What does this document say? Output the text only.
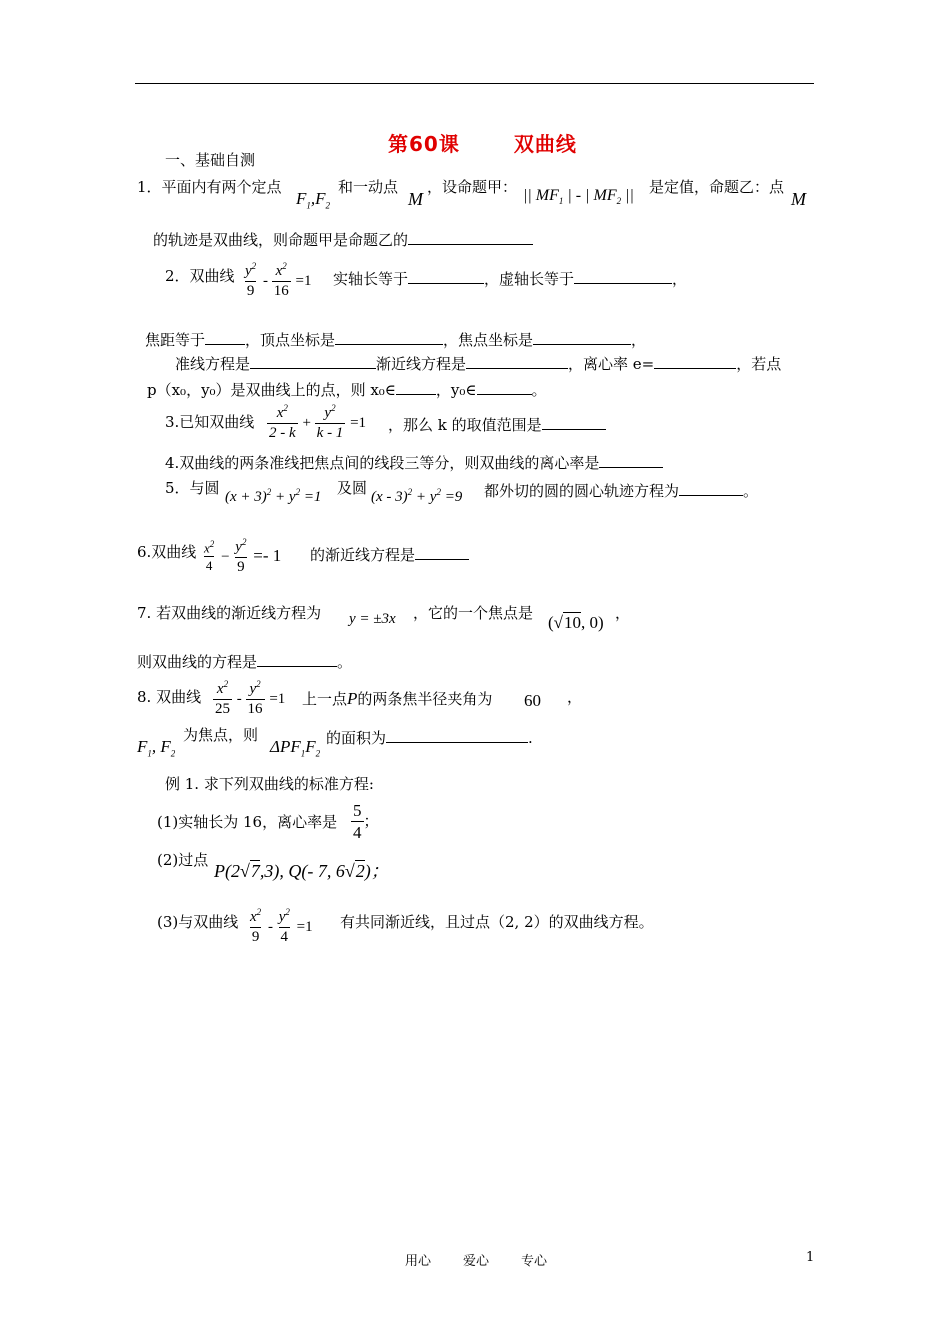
第60课	双曲线
一、基础自测
1．平面内有两个定点
$F_1,F_2$
和一动点
M
，设命题甲： || $MF_1$ | - | $MF_2$ || 是定值，命题乙：点
M
的轨迹是双曲线，则命题甲是命题乙的
2．双曲线 $\frac{y^2}{9} - \frac{x^2}{16} =1$ 实轴长等于	，虚轴长等于	，
焦距等于	，顶点坐标是	，焦点坐标是	，
准线方程是	渐近线方程是	，离心率 e=	，若点
p（x₀，y₀）是双曲线上的点，则 x₀∈	，y₀∈	。
3.已知双曲线 $\frac{x^2}{2 - k} + \frac{y^2}{k - 1} =1$ ，那么 k 的取值范围是
4.双曲线的两条准线把焦点间的线段三等分，则双曲线的离心率是
5．与圆 $(x + 3)^2 + y^2 =1$ 及圆 $(x - 3)^2 + y^2 =9$ 都外切的圆的圆心轨迹方程为	。
6.双曲线 $\frac{x^2}{4} - \frac{y^2}{9} =- 1$ 的渐近线方程是
7. 若双曲线的渐近线方程为 y = ±3x ，它的一个焦点是 (√10, 0) ，
则双曲线的方程是	。
8. 双曲线 $\frac{x^2}{25} - \frac{y^2}{16} =1$ 上一点P的两条焦半径夹角为 60 ，
$F_1$, $F_2$
为焦点，则
$\Delta PF_1F_2$
的面积为	.
例 1. 求下列双曲线的标准方程:
(1)实轴长为 16，离心率是 $\frac{5}{4}$ ；
(2)过点
P(2√7,3), Q(- 7, 6√2)；
(3)与双曲线 $\frac{x^2}{9} - \frac{y^2}{4} =1$ 有共同渐近线，且过点（2, 2）的双曲线方程。
用心 爱心 专心	1
